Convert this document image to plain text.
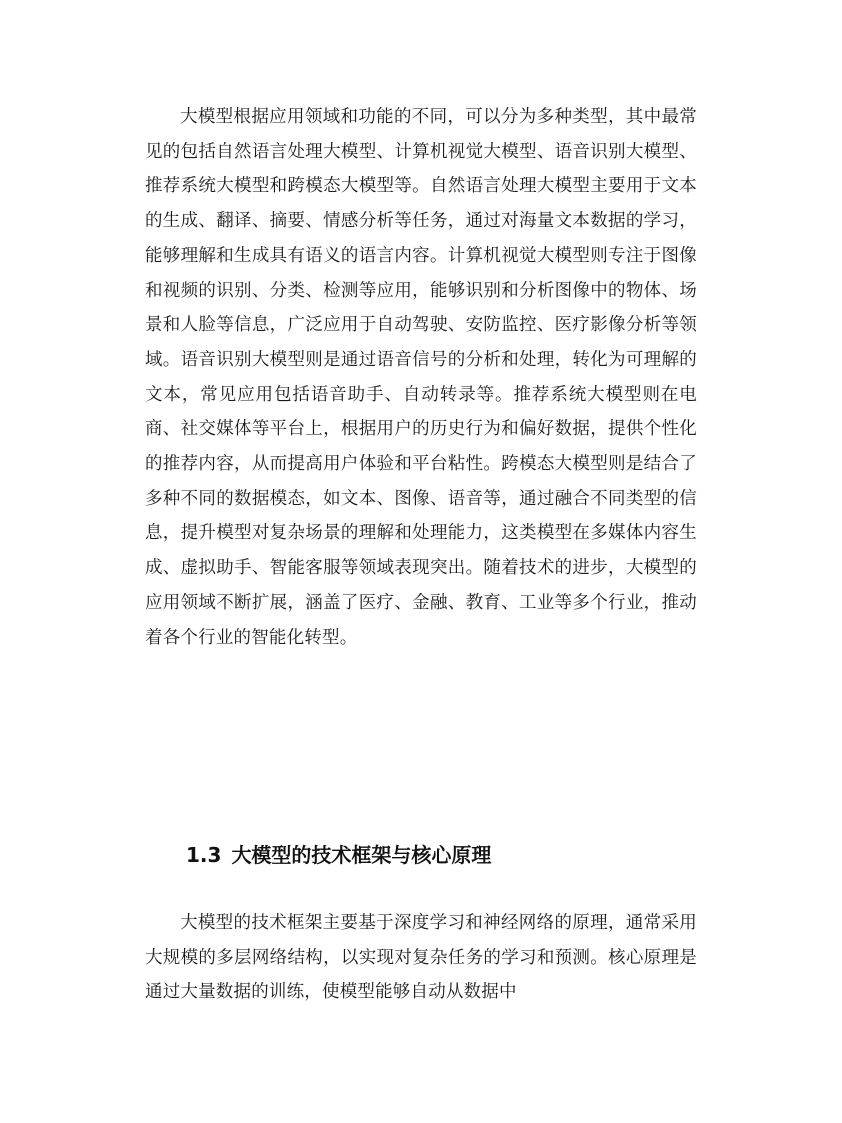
大模型根据应用领域和功能的不同，可以分为多种类型，其中最常见的包括自然语言处理大模型、计算机视觉大模型、语音识别大模型、推荐系统大模型和跨模态大模型等。自然语言处理大模型主要用于文本的生成、翻译、摘要、情感分析等任务，通过对海量文本数据的学习，能够理解和生成具有语义的语言内容。计算机视觉大模型则专注于图像和视频的识别、分类、检测等应用，能够识别和分析图像中的物体、场景和人脸等信息，广泛应用于自动驾驶、安防监控、医疗影像分析等领域。语音识别大模型则是通过语音信号的分析和处理，转化为可理解的文本，常见应用包括语音助手、自动转录等。推荐系统大模型则在电商、社交媒体等平台上，根据用户的历史行为和偏好数据，提供个性化的推荐内容，从而提高用户体验和平台粘性。跨模态大模型则是结合了多种不同的数据模态，如文本、图像、语音等，通过融合不同类型的信息，提升模型对复杂场景的理解和处理能力，这类模型在多媒体内容生成、虚拟助手、智能客服等领域表现突出。随着技术的进步，大模型的应用领域不断扩展，涵盖了医疗、金融、教育、工业等多个行业，推动着各个行业的智能化转型。

1.3 大模型的技术框架与核心原理

大模型的技术框架主要基于深度学习和神经网络的原理，通常采用大规模的多层网络结构，以实现对复杂任务的学习和预测。核心原理是通过大量数据的训练，使模型能够自动从数据中
